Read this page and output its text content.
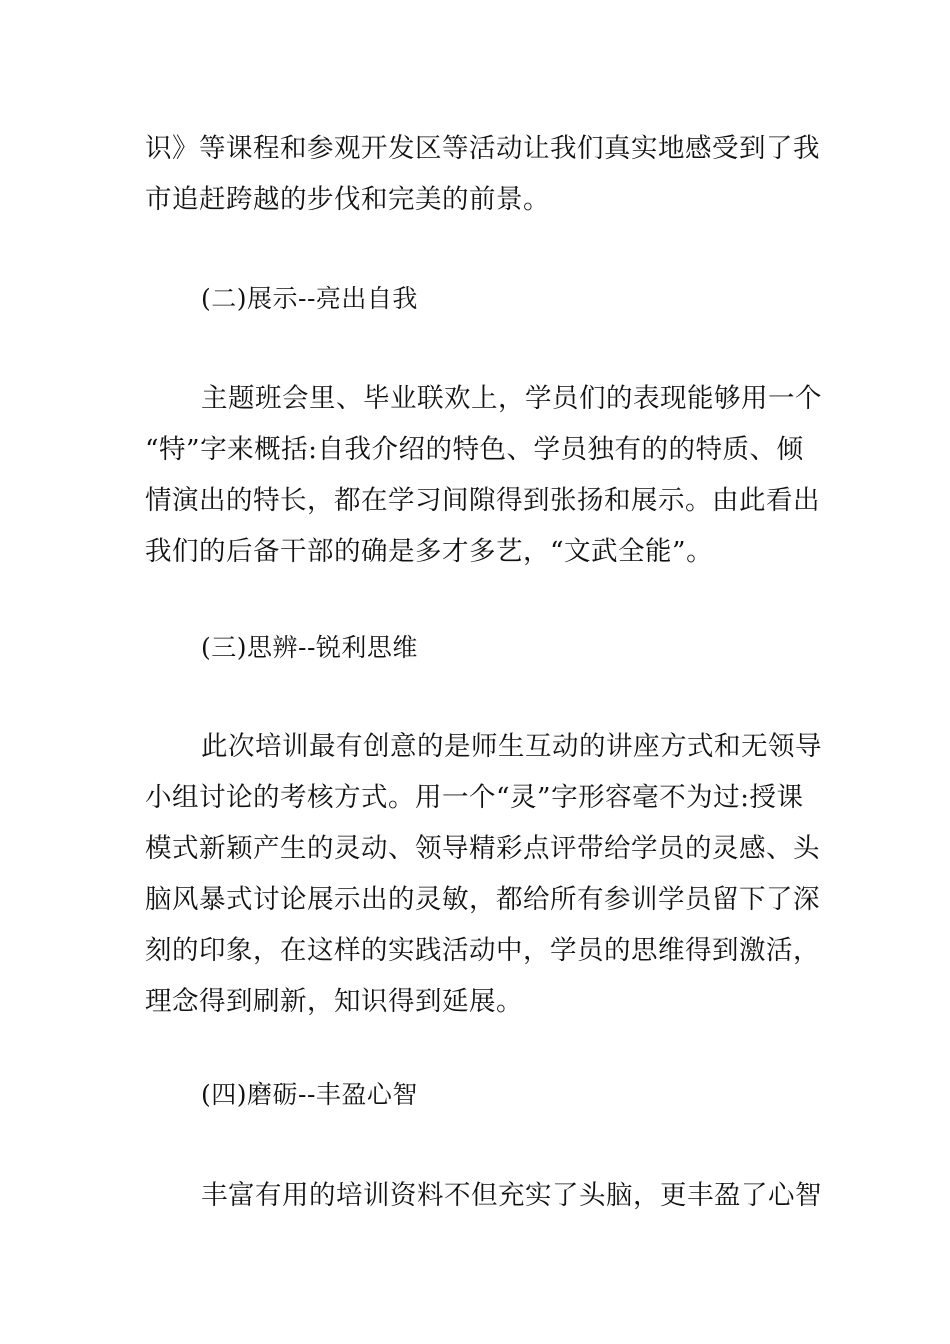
识》等课程和参观开发区等活动让我们真实地感受到了我
市追赶跨越的步伐和完美的前景。
(二)展示--亮出自我
主题班会里、毕业联欢上，学员们的表现能够用一个
“特”字来概括:自我介绍的特色、学员独有的的特质、倾
情演出的特长，都在学习间隙得到张扬和展示。由此看出
我们的后备干部的确是多才多艺，“文武全能”。
(三)思辨--锐利思维
此次培训最有创意的是师生互动的讲座方式和无领导
小组讨论的考核方式。用一个“灵”字形容毫不为过:授课
模式新颖产生的灵动、领导精彩点评带给学员的灵感、头
脑风暴式讨论展示出的灵敏，都给所有参训学员留下了深
刻的印象，在这样的实践活动中，学员的思维得到激活，
理念得到刷新，知识得到延展。
(四)磨砺--丰盈心智
丰富有用的培训资料不但充实了头脑，更丰盈了心智
